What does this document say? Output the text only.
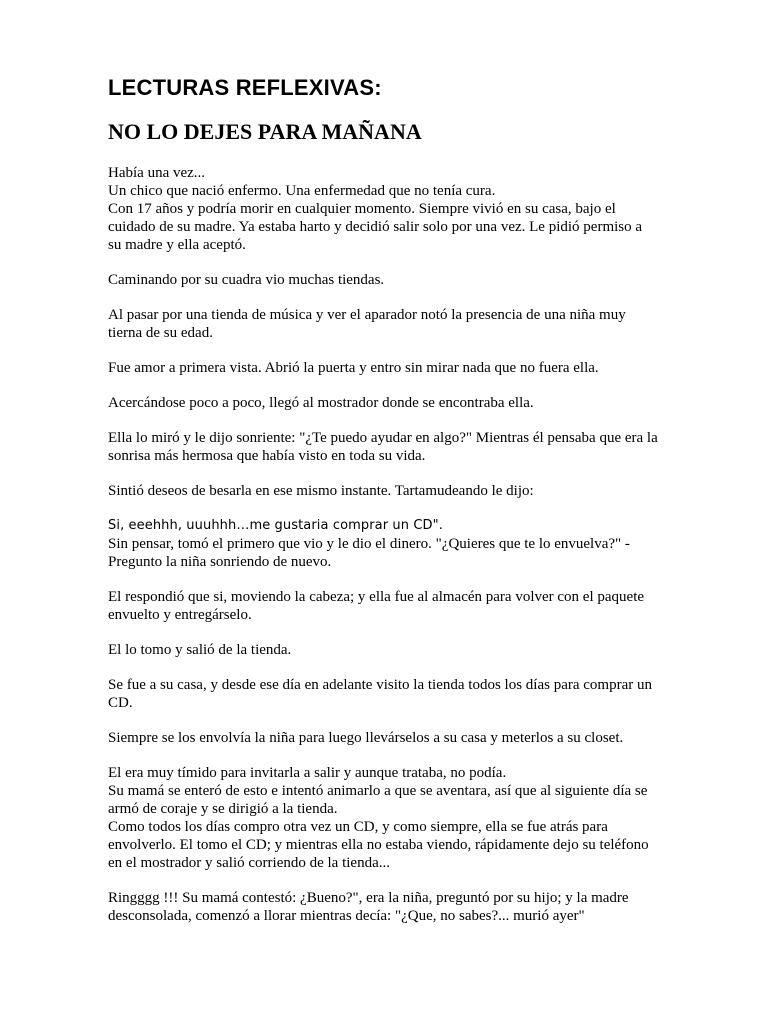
LECTURAS REFLEXIVAS:
NO LO DEJES PARA MAÑANA
Había una vez...
Un chico que nació enfermo. Una enfermedad que no tenía cura.
Con 17 años y podría morir en cualquier momento. Siempre vivió en su casa, bajo el
cuidado de su madre. Ya estaba harto y decidió salir solo por una vez. Le pidió permiso a
su madre y ella aceptó.
Caminando por su cuadra vio muchas tiendas.
Al pasar por una tienda de música y ver el aparador notó la presencia de una niña muy
tierna de su edad.
Fue amor a primera vista. Abrió la puerta y entro sin mirar nada que no fuera ella.
Acercándose poco a poco, llegó al mostrador donde se encontraba ella.
Ella lo miró y le dijo sonriente: "¿Te puedo ayudar en algo?" Mientras él pensaba que era la
sonrisa más hermosa que había visto en toda su vida.
Sintió deseos de besarla en ese mismo instante. Tartamudeando le dijo:
Si, eeehhh, uuuhhh…me gustaria comprar un CD".
Sin pensar, tomó el primero que vio y le dio el dinero. "¿Quieres que te lo envuelva?" -
Pregunto la niña sonriendo de nuevo.
El respondió que si, moviendo la cabeza; y ella fue al almacén para volver con el paquete
envuelto y entregárselo.
El lo tomo y salió de la tienda.
Se fue a su casa, y desde ese día en adelante visito la tienda todos los días para comprar un
CD.
Siempre se los envolvía la niña para luego llevárselos a su casa y meterlos a su closet.
El era muy tímido para invitarla a salir y aunque trataba, no podía.
Su mamá se enteró de esto e intentó animarlo a que se aventara, así que al siguiente día se
armó de coraje y se dirigió a la tienda.
Como todos los días compro otra vez un CD, y como siempre, ella se fue atrás para
envolverlo. El tomo el CD; y mientras ella no estaba viendo, rápidamente dejo su teléfono
en el mostrador y salió corriendo de la tienda...
Ringggg !!! Su mamá contestó: ¿Bueno?", era la niña, preguntó por su hijo; y la madre
desconsolada, comenzó a llorar mientras decía: "¿Que, no sabes?... murió ayer"
